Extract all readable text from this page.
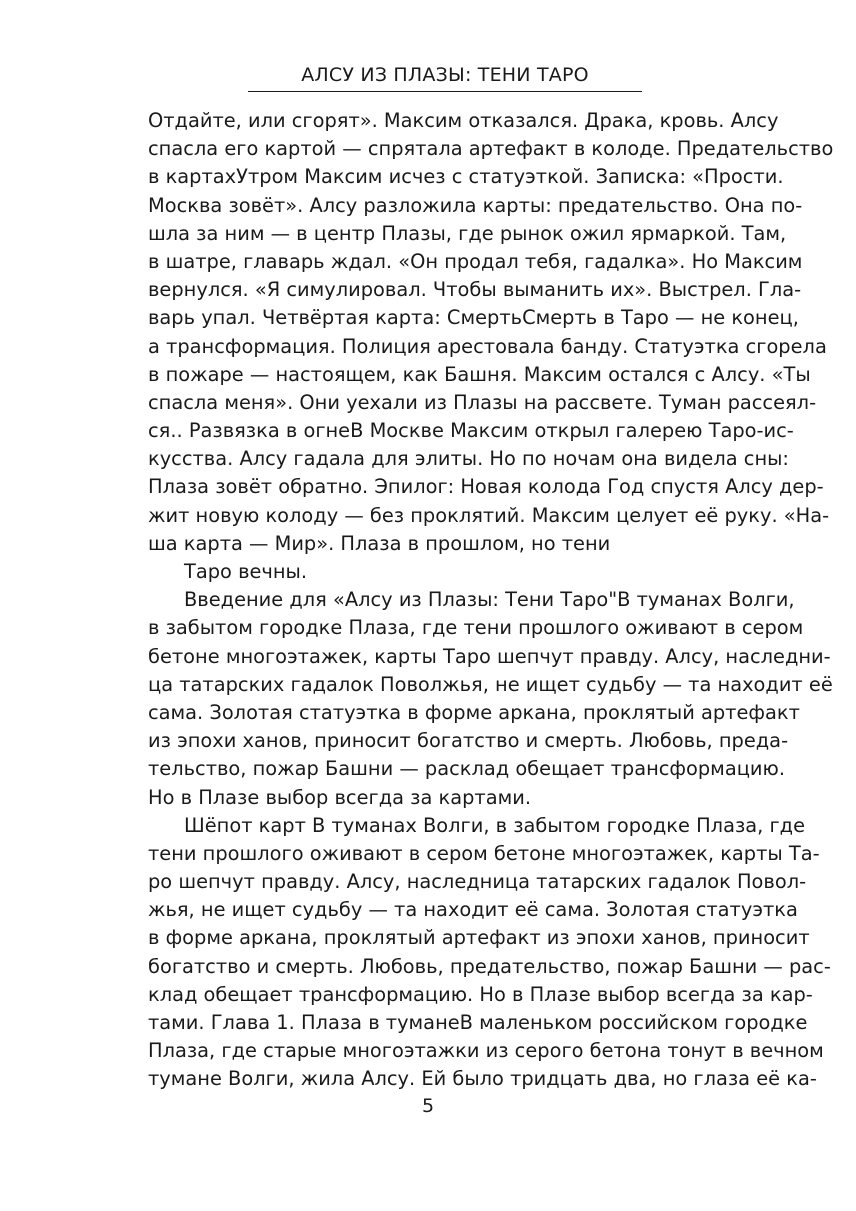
АЛСУ ИЗ ПЛАЗЫ: ТЕНИ ТАРО
Отдайте, или сгорят». Максим отказался. Драка, кровь. Алсу
спасла его картой — спрятала артефакт в колоде. Предательство
в картахУтром Максим исчез с статуэткой. Записка: «Прости.
Москва зовёт». Алсу разложила карты: предательство. Она по-
шла за ним — в центр Плазы, где рынок ожил ярмаркой. Там,
в шатре, главарь ждал. «Он продал тебя, гадалка». Но Максим
вернулся. «Я симулировал. Чтобы выманить их». Выстрел. Гла-
варь упал. Четвёртая карта: СмертьСмерть в Таро — не конец,
а трансформация. Полиция арестовала банду. Статуэтка сгорела
в пожаре — настоящем, как Башня. Максим остался с Алсу. «Ты
спасла меня». Они уехали из Плазы на рассвете. Туман рассеял-
ся.. Развязка в огнеВ Москве Максим открыл галерею Таро-ис-
кусства. Алсу гадала для элиты. Но по ночам она видела сны:
Плаза зовёт обратно. Эпилог: Новая колода Год спустя Алсу дер-
жит новую колоду — без проклятий. Максим целует её руку. «На-
ша карта — Мир». Плаза в прошлом, но тени
Таро вечны.
Введение для «Алсу из Плазы: Тени Таро"В туманах Волги,
в забытом городке Плаза, где тени прошлого оживают в сером
бетоне многоэтажек, карты Таро шепчут правду. Алсу, наследни-
ца татарских гадалок Поволжья, не ищет судьбу — та находит её
сама. Золотая статуэтка в форме аркана, проклятый артефакт
из эпохи ханов, приносит богатство и смерть. Любовь, преда-
тельство, пожар Башни — расклад обещает трансформацию.
Но в Плазе выбор всегда за картами.
Шёпот карт В туманах Волги, в забытом городке Плаза, где
тени прошлого оживают в сером бетоне многоэтажек, карты Та-
ро шепчут правду. Алсу, наследница татарских гадалок Повол-
жья, не ищет судьбу — та находит её сама. Золотая статуэтка
в форме аркана, проклятый артефакт из эпохи ханов, приносит
богатство и смерть. Любовь, предательство, пожар Башни — рас-
клад обещает трансформацию. Но в Плазе выбор всегда за кар-
тами. Глава 1. Плаза в туманеВ маленьком российском городке
Плаза, где старые многоэтажки из серого бетона тонут в вечном
тумане Волги, жила Алсу. Ей было тридцать два, но глаза её ка-
5
